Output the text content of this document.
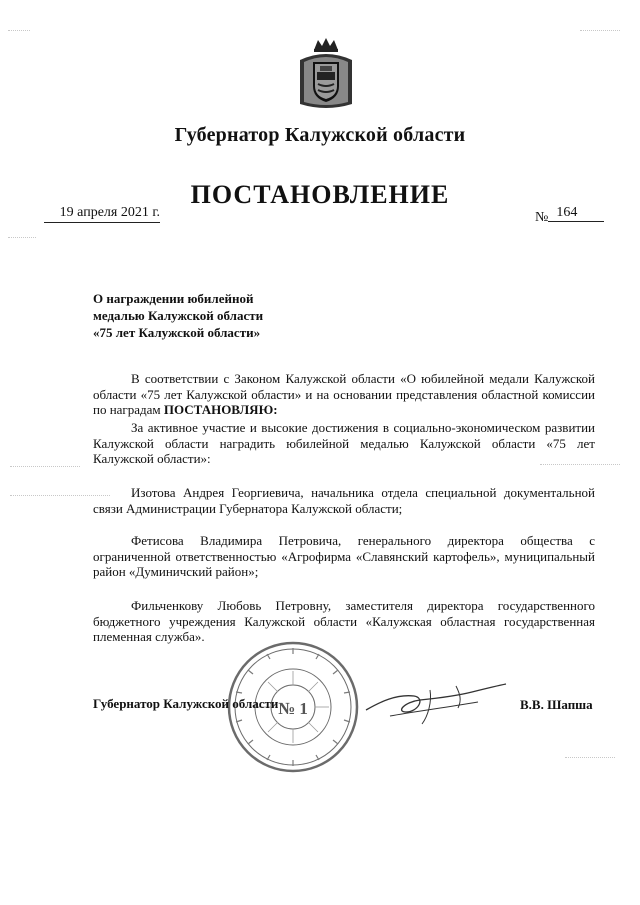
Губернатор Калужской области
ПОСТАНОВЛЕНИЕ
19 апреля 2021 г.	№ 164
О награждении юбилейной
медалью Калужской области
«75 лет Калужской области»

В соответствии с Законом Калужской области «О юбилейной медали Калужской области «75 лет Калужской области» и на основании представления областной комиссии по наградам ПОСТАНОВЛЯЮ:

За активное участие и высокие достижения в социально-экономическом развитии Калужской области наградить юбилейной медалью Калужской области «75 лет Калужской области»:

Изотова Андрея Георгиевича, начальника отдела специальной документальной связи Администрации Губернатора Калужской области;

Фетисова Владимира Петровича, генерального директора общества с ограниченной ответственностью «Агрофирма «Славянский картофель», муниципальный район «Думиничский район»;

Фильченкову Любовь Петровну, заместителя директора государственного бюджетного учреждения Калужской области «Калужская областная государственная племенная служба».

№ 1
Губернатор Калужской области	В.В. Шапша
